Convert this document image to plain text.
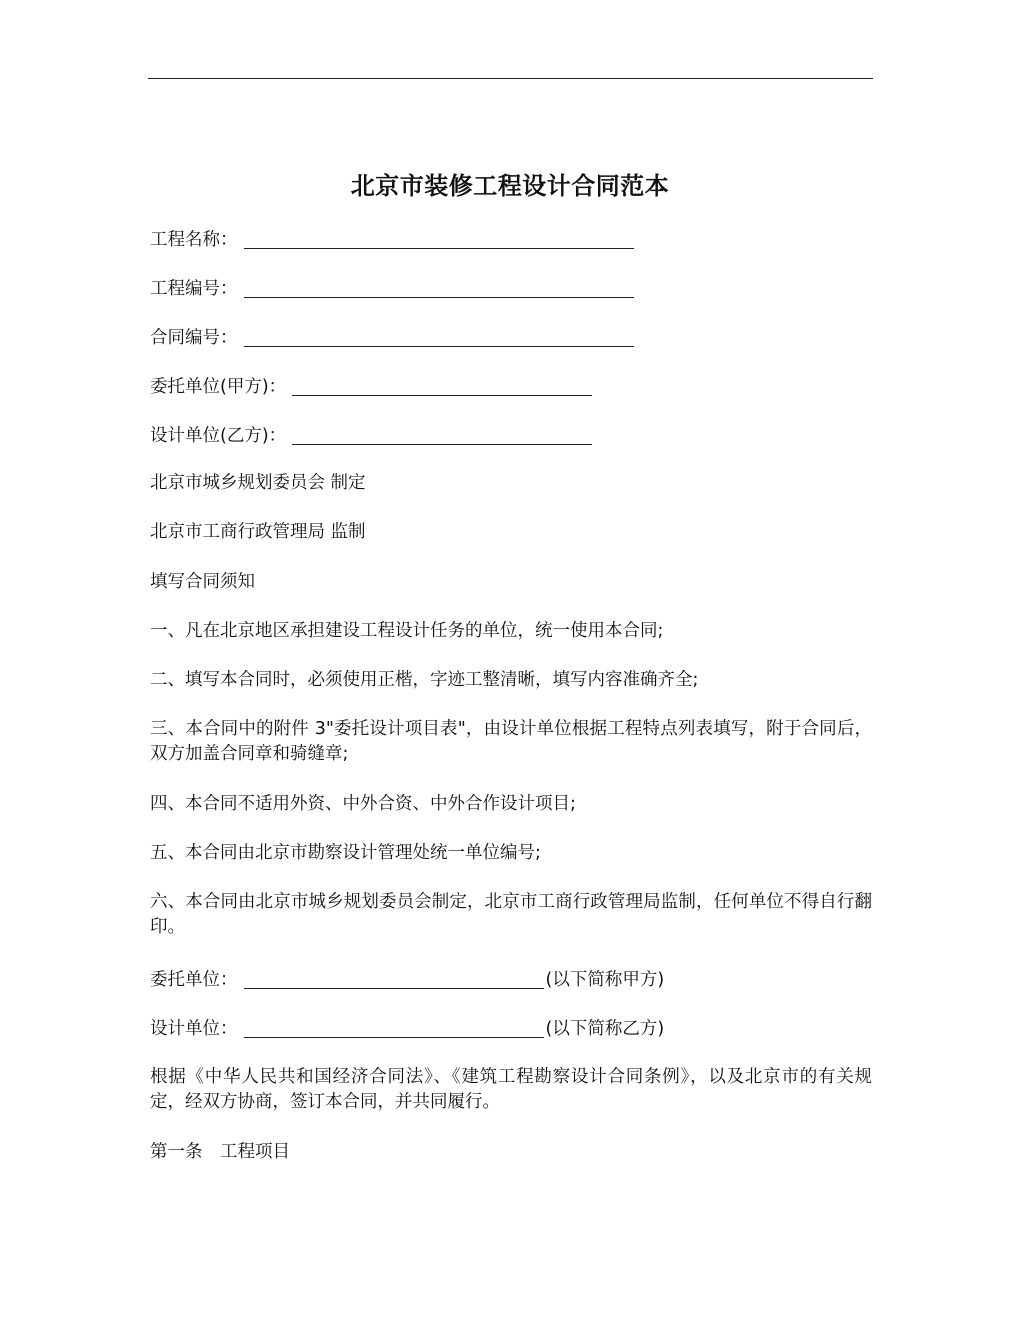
北京市装修工程设计合同范本
工程名称：
工程编号：
合同编号：
委托单位(甲方)：
设计单位(乙方)：
北京市城乡规划委员会 制定
北京市工商行政管理局 监制
填写合同须知
一、凡在北京地区承担建设工程设计任务的单位，统一使用本合同;
二、填写本合同时，必须使用正楷，字迹工整清晰，填写内容准确齐全;
三、本合同中的附件 3"委托设计项目表"，由设计单位根据工程特点列表填写，附于合同后，双方加盖合同章和骑缝章;
四、本合同不适用外资、中外合资、中外合作设计项目;
五、本合同由北京市勘察设计管理处统一单位编号;
六、本合同由北京市城乡规划委员会制定，北京市工商行政管理局监制，任何单位不得自行翻印。
委托单位：	(以下简称甲方)
设计单位：	(以下简称乙方)
根据《中华人民共和国经济合同法》、《建筑工程勘察设计合同条例》，以及北京市的有关规定，经双方协商，签订本合同，并共同履行。
第一条　工程项目
